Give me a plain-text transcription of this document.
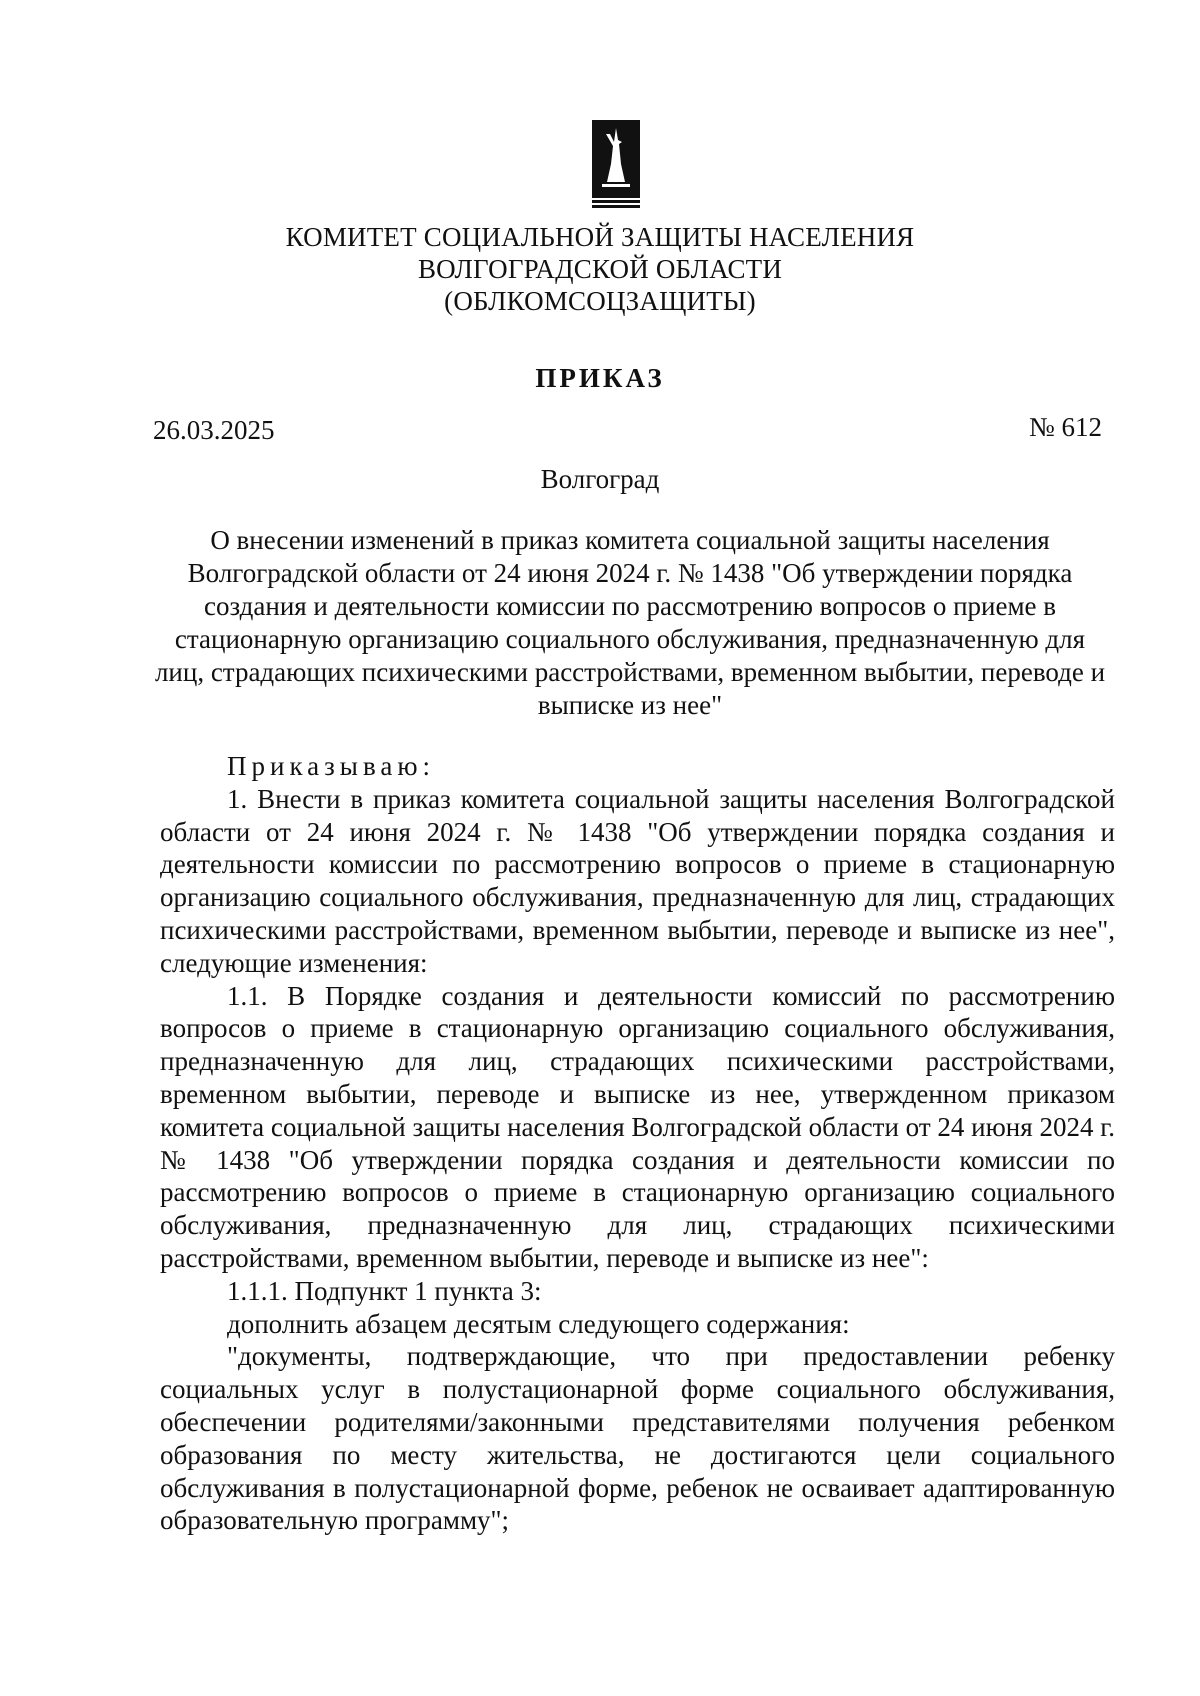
КОМИТЕТ СОЦИАЛЬНОЙ ЗАЩИТЫ НАСЕЛЕНИЯ
ВОЛГОГРАДСКОЙ ОБЛАСТИ
(ОБЛКОМСОЦЗАЩИТЫ)
ПРИКАЗ
26.03.2025	№ 612
Волгоград
О внесении изменений в приказ комитета социальной защиты населения Волгоградской области от 24 июня 2024 г. № 1438 "Об утверждении порядка создания и деятельности комиссии по рассмотрению вопросов о приеме в стационарную организацию социального обслуживания, предназначенную для лиц, страдающих психическими расстройствами, временном выбытии, переводе и выписке из нее"

Приказываю:

1. Внести в приказ комитета социальной защиты населения Волгоградской области от 24 июня 2024 г. № 1438 "Об утверждении порядка создания и деятельности комиссии по рассмотрению вопросов о приеме в стационарную организацию социального обслуживания, предназначенную для лиц, страдающих психическими расстройствами, временном выбытии, переводе и выписке из нее", следующие изменения:

1.1. В Порядке создания и деятельности комиссий по рассмотрению вопросов о приеме в стационарную организацию социального обслуживания, предназначенную для лиц, страдающих психическими расстройствами, временном выбытии, переводе и выписке из нее, утвержденном приказом комитета социальной защиты населения Волгоградской области от 24 июня 2024 г. № 1438 "Об утверждении порядка создания и деятельности комиссии по рассмотрению вопросов о приеме в стационарную организацию социального обслуживания, предназначенную для лиц, страдающих психическими расстройствами, временном выбытии, переводе и выписке из нее":

1.1.1. Подпункт 1 пункта 3:

дополнить абзацем десятым следующего содержания:

"документы, подтверждающие, что при предоставлении ребенку социальных услуг в полустационарной форме социального обслуживания, обеспечении родителями/законными представителями получения ребенком образования по месту жительства, не достигаются цели социального обслуживания в полустационарной форме, ребенок не осваивает адаптированную образовательную программу";
